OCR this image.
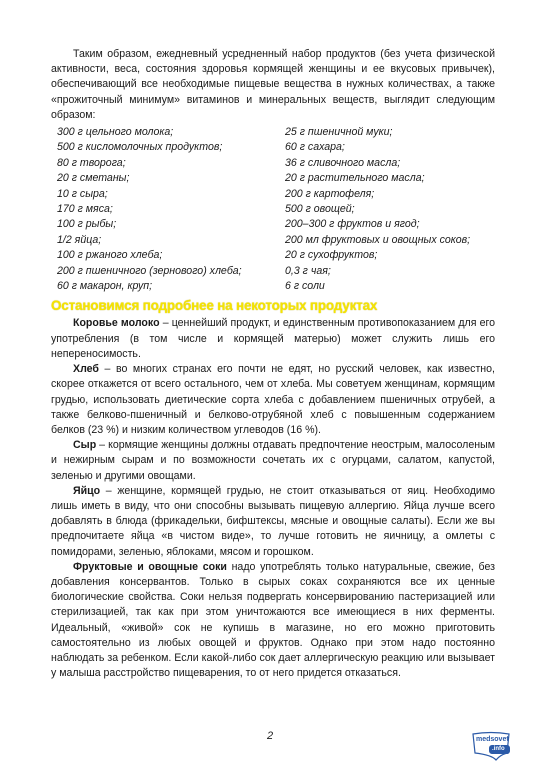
Таким образом, ежедневный усредненный набор продуктов (без учета физической активности, веса, состояния здоровья кормящей женщины и ее вкусовых привычек), обеспечивающий все необходимые пищевые вещества в нужных количествах, а также «прожиточный минимум» витаминов и минеральных веществ, выглядит следующим образом:

300 г цельного молока;
500 г кисломолочных продуктов;
80 г творога;
20 г сметаны;
10 г сыра;
170 г мяса;
100 г рыбы;
1/2 яйца;
100 г ржаного хлеба;
200 г пшеничного (зернового) хлеба;
60 г макарон, круп;
25 г пшеничной муки;
60 г сахара;
36 г сливочного масла;
20 г растительного масла;
200 г картофеля;
500 г овощей;
200–300 г фруктов и ягод;
200 мл фруктовых и овощных соков;
20 г сухофруктов;
0,3 г чая;
6 г соли
Остановимся подробнее на некоторых продуктах

Коровье молоко – ценнейший продукт, и единственным противопоказанием для его употребления (в том числе и кормящей матерью) может служить лишь его непереносимость.

Хлеб – во многих странах его почти не едят, но русский человек, как известно, скорее откажется от всего остального, чем от хлеба. Мы советуем женщинам, кормящим грудью, использовать диетические сорта хлеба с добавлением пшеничных отрубей, а также белково-пшеничный и белково-отрубяной хлеб с повышенным содержанием белков (23 %) и низким количеством углеводов (16 %).

Сыр – кормящие женщины должны отдавать предпочтение неострым, малосоленым и нежирным сырам и по возможности сочетать их с огурцами, салатом, капустой, зеленью и другими овощами.

Яйцо – женщине, кормящей грудью, не стоит отказываться от яиц. Необходимо лишь иметь в виду, что они способны вызывать пищевую аллергию. Яйца лучше всего добавлять в блюда (фрикадельки, бифштексы, мясные и овощные салаты). Если же вы предпочитаете яйца «в чистом виде», то лучше готовить не яичницу, а омлеты с помидорами, зеленью, яблоками, мясом и горошком.

Фруктовые и овощные соки надо употреблять только натуральные, свежие, без добавления консервантов. Только в сырых соках сохраняются все их ценные биологические свойства. Соки нельзя подвергать консервированию пастеризацией или стерилизацией, так как при этом уничтожаются все имеющиеся в них ферменты. Идеальный, «живой» сок не купишь в магазине, но его можно приготовить самостоятельно из любых овощей и фруктов. Однако при этом надо постоянно наблюдать за ребенком. Если какой-либо сок дает аллергическую реакцию или вызывает у малыша расстройство пищеварения, то от него придется отказаться.

2	medsovet
.info
